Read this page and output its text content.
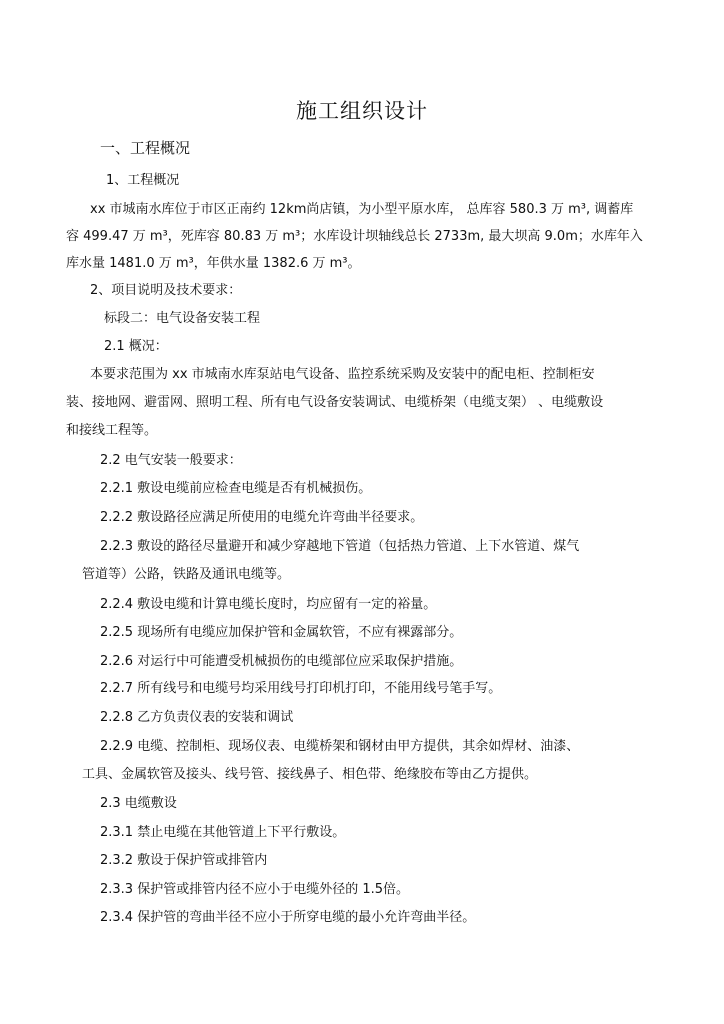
施工组织设计
一、工程概况
1、工程概况
xx 市城南水库位于市区正南约 12km尚店镇，为小型平原水库， 总库容 580.3 万 m³, 调蓄库
容 499.47 万 m³，死库容 80.83 万 m³；水库设计坝轴线总长 2733m, 最大坝高 9.0m；水库年入
库水量 1481.0 万 m³，年供水量 1382.6 万 m³。
2、项目说明及技术要求：
标段二：电气设备安装工程
2.1 概况：
本要求范围为 xx 市城南水库泵站电气设备、监控系统采购及安装中的配电柜、控制柜安
装、接地网、避雷网、照明工程、所有电气设备安装调试、电缆桥架（电缆支架） 、电缆敷设
和接线工程等。
2.2 电气安装一般要求：
2.2.1 敷设电缆前应检查电缆是否有机械损伤。
2.2.2 敷设路径应满足所使用的电缆允许弯曲半径要求。
2.2.3 敷设的路径尽量避开和减少穿越地下管道（包括热力管道、上下水管道、煤气
管道等）公路，铁路及通讯电缆等。
2.2.4 敷设电缆和计算电缆长度时，均应留有一定的裕量。
2.2.5 现场所有电缆应加保护管和金属软管，不应有裸露部分。
2.2.6 对运行中可能遭受机械损伤的电缆部位应采取保护措施。
2.2.7 所有线号和电缆号均采用线号打印机打印，不能用线号笔手写。
2.2.8 乙方负责仪表的安装和调试
2.2.9 电缆、控制柜、现场仪表、电缆桥架和钢材由甲方提供，其余如焊材、油漆、
工具、金属软管及接头、线号管、接线鼻子、相色带、绝缘胶布等由乙方提供。
2.3 电缆敷设
2.3.1 禁止电缆在其他管道上下平行敷设。
2.3.2 敷设于保护管或排管内
2.3.3 保护管或排管内径不应小于电缆外径的 1.5倍。
2.3.4 保护管的弯曲半径不应小于所穿电缆的最小允许弯曲半径。
